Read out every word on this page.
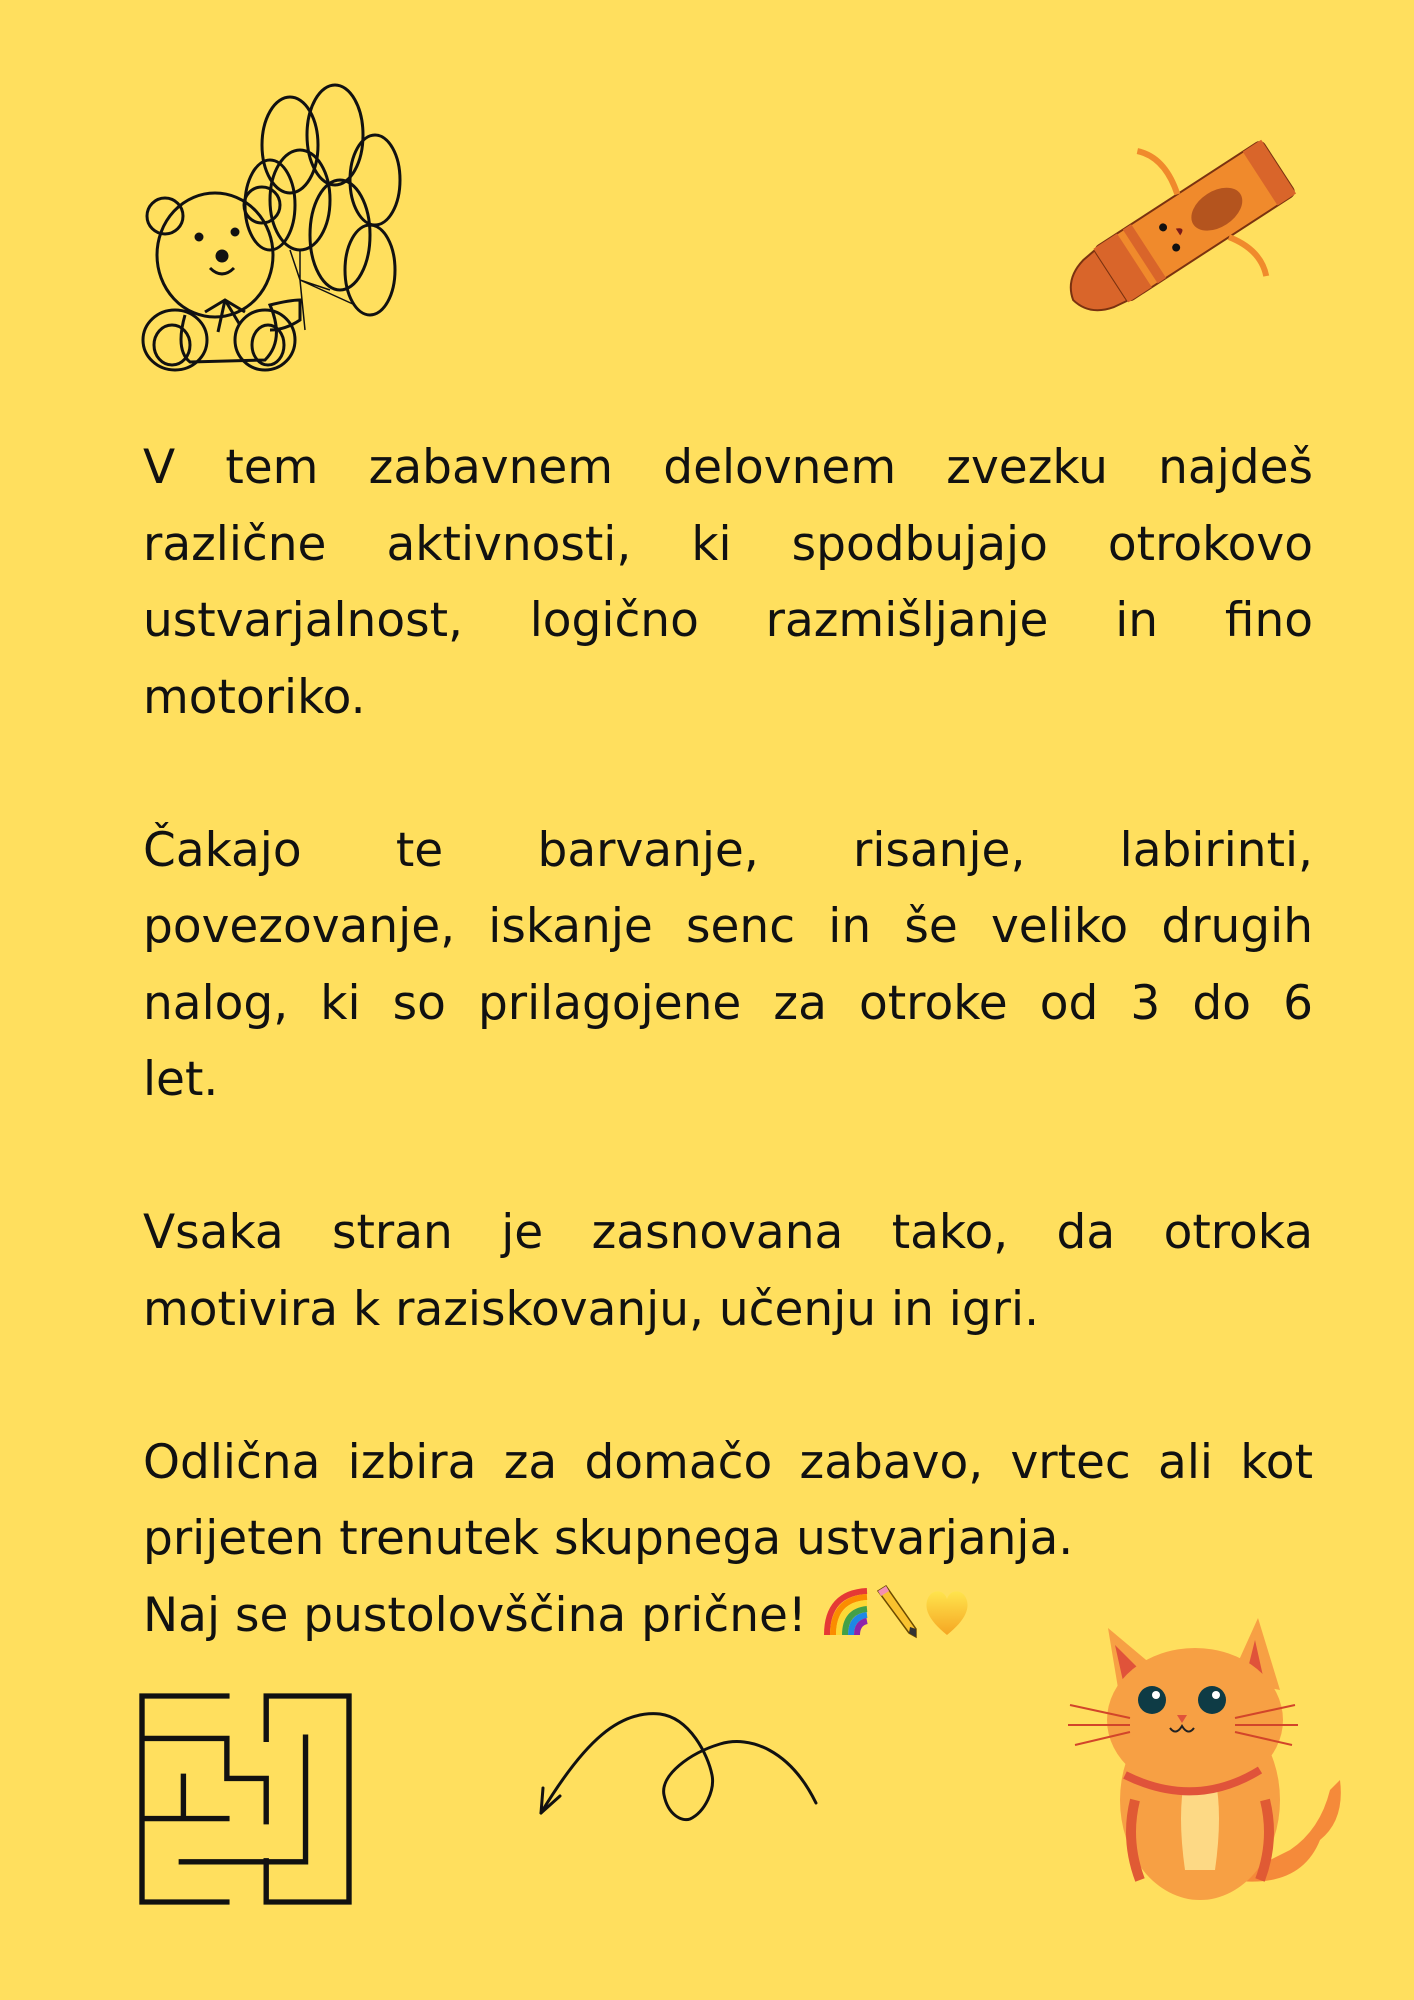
V tem zabavnem delovnem zvezku najdeš
različne aktivnosti, ki spodbujajo otrokovo
ustvarjalnost, logično razmišljanje in fino
motoriko.
Čakajo te barvanje, risanje, labirinti,
povezovanje, iskanje senc in še veliko drugih
nalog, ki so prilagojene za otroke od 3 do 6
let.
Vsaka stran je zasnovana tako, da otroka
motivira k raziskovanju, učenju in igri.
Odlična izbira za domačo zabavo, vrtec ali kot
prijeten trenutek skupnega ustvarjanja.
Naj se pustolovščina prične!
